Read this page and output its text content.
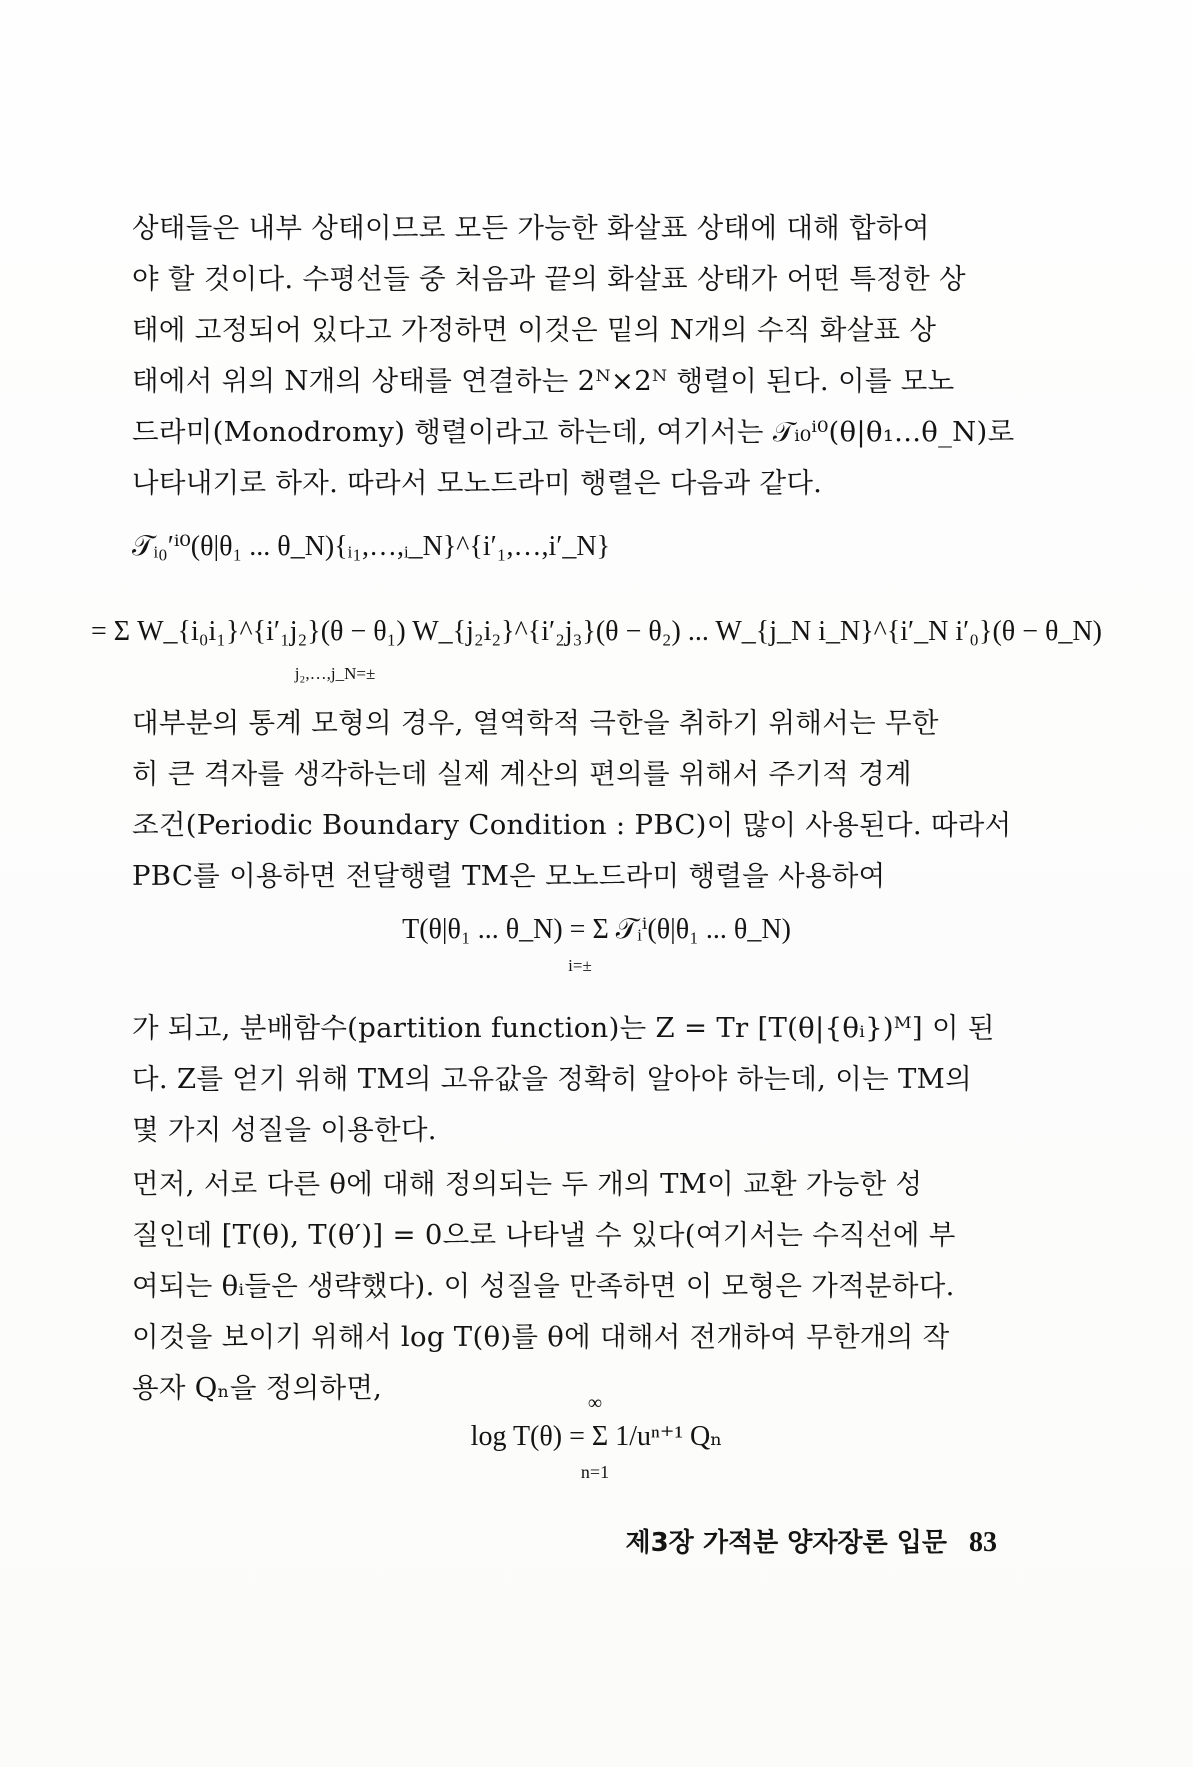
상태들은 내부 상태이므로 모든 가능한 화살표 상태에 대해 합하여
야 할 것이다. 수평선들 중 처음과 끝의 화살표 상태가 어떤 특정한 상
태에 고정되어 있다고 가정하면 이것은 밑의 N개의 수직 화살표 상
태에서 위의 N개의 상태를 연결하는 2ᴺ×2ᴺ 행렬이 된다. 이를 모노
드라미(Monodromy) 행렬이라고 하는데, 여기서는 𝒯ᵢ₀ⁱ⁰(θ|θ₁...θ_N)로
나타내기로 하자. 따라서 모노드라미 행렬은 다음과 같다.
𝒯ᵢ₀′ⁱ⁰(θ|θ₁ ... θ_N){ᵢ₁,…,ᵢ_N}^{i′₁,…,i′_N}
= Σ W_{i₀i₁}^{i′₁j₂}(θ − θ₁) W_{j₂i₂}^{i′₂j₃}(θ − θ₂) ... W_{j_N i_N}^{i′_N i′₀}(θ − θ_N)
j₂,…,j_N=±
대부분의 통계 모형의 경우, 열역학적 극한을 취하기 위해서는 무한
히 큰 격자를 생각하는데 실제 계산의 편의를 위해서 주기적 경계
조건(Periodic Boundary Condition : PBC)이 많이 사용된다. 따라서
PBC를 이용하면 전달행렬 TM은 모노드라미 행렬을 사용하여
T(θ|θ₁ ... θ_N) = Σ 𝒯ᵢⁱ(θ|θ₁ ... θ_N)
i=±
가 되고, 분배함수(partition function)는 Z = Tr [T(θ|{θᵢ})ᴹ] 이 된
다. Z를 얻기 위해 TM의 고유값을 정확히 알아야 하는데, 이는 TM의
몇 가지 성질을 이용한다.
먼저, 서로 다른 θ에 대해 정의되는 두 개의 TM이 교환 가능한 성
질인데 [T(θ), T(θ′)] = 0으로 나타낼 수 있다(여기서는 수직선에 부
여되는 θᵢ들은 생략했다). 이 성질을 만족하면 이 모형은 가적분하다.
이것을 보이기 위해서 log T(θ)를 θ에 대해서 전개하여 무한개의 작
용자 Qₙ을 정의하면,	∞
log T(θ) = Σ 1/uⁿ⁺¹ Qₙ
n=1
제3장 가적분 양자장론 입문 83
